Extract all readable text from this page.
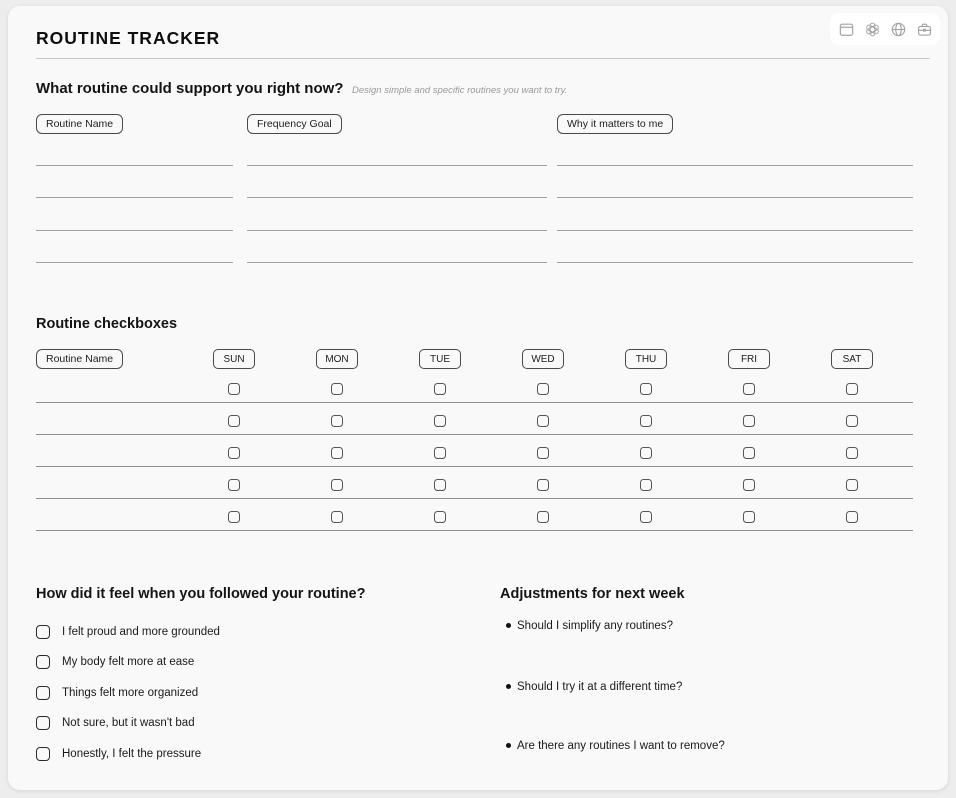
ROUTINE TRACKER
What routine could support you right now? Design simple and specific routines you want to try.
Routine Name	Frequency Goal	Why it matters to me
Routine checkboxes
Routine Name	SUN	MON	TUE	WED	THU	FRI	SAT
How did it feel when you followed your routine?
I felt proud and more grounded
My body felt more at ease
Things felt more organized
Not sure, but it wasn't bad
Honestly, I felt the pressure
Adjustments for next week
Should I simplify any routines?
Should I try it at a different time?
Are there any routines I want to remove?
